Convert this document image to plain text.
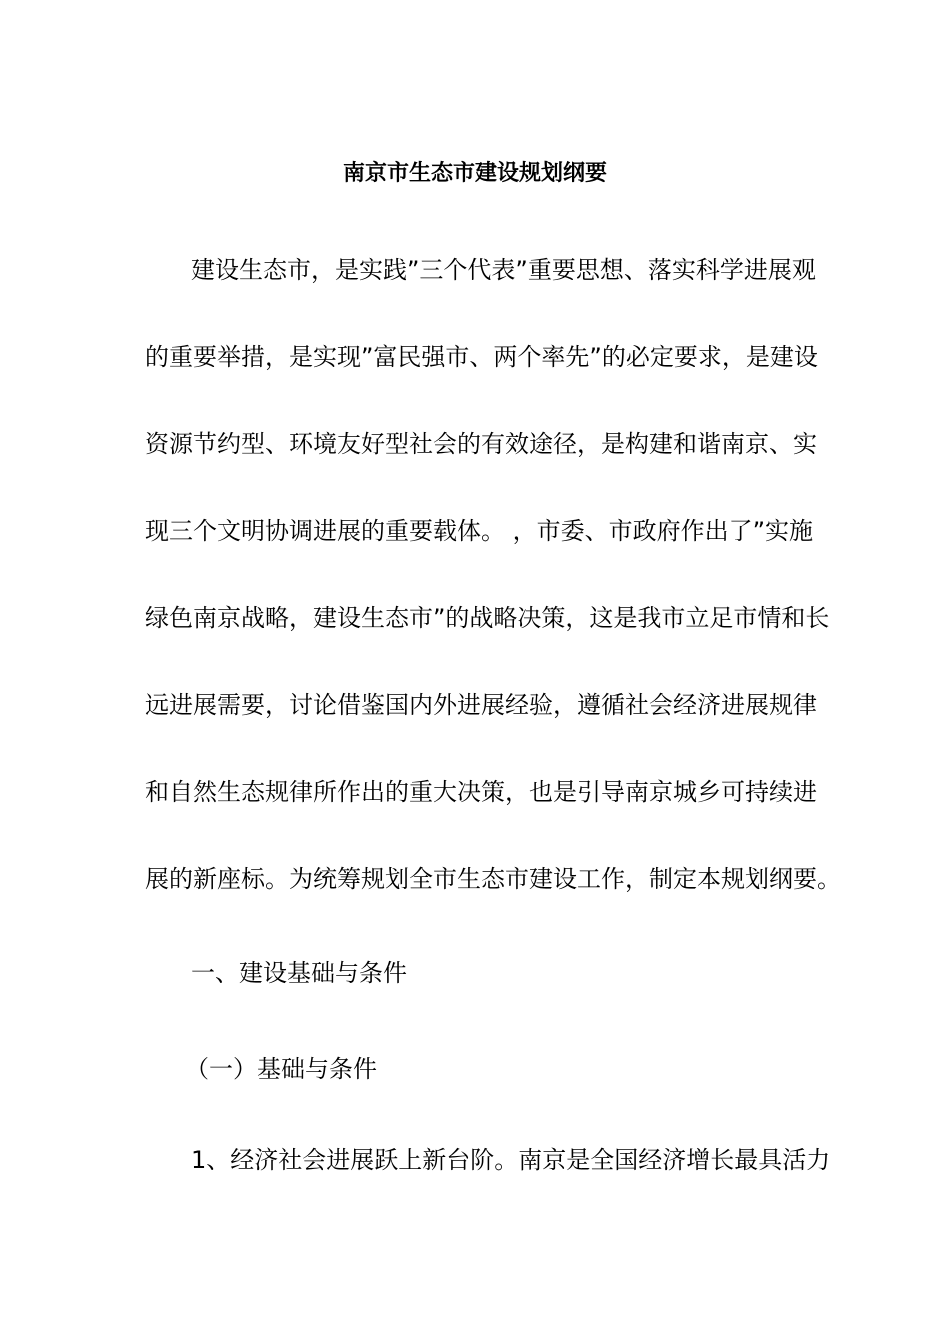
南京市生态市建设规划纲要
建设生态市，是实践”三个代表”重要思想、落实科学进展观
的重要举措，是实现”富民强市、两个率先”的必定要求，是建设
资源节约型、环境友好型社会的有效途径，是构建和谐南京、实
现三个文明协调进展的重要载体。 ，市委、市政府作出了”实施
绿色南京战略，建设生态市”的战略决策，这是我市立足市情和长
远进展需要，讨论借鉴国内外进展经验，遵循社会经济进展规律
和自然生态规律所作出的重大决策，也是引导南京城乡可持续进
展的新座标。为统筹规划全市生态市建设工作，制定本规划纲要。
一、建设基础与条件
（一）基础与条件
1、经济社会进展跃上新台阶。南京是全国经济增长最具活力
